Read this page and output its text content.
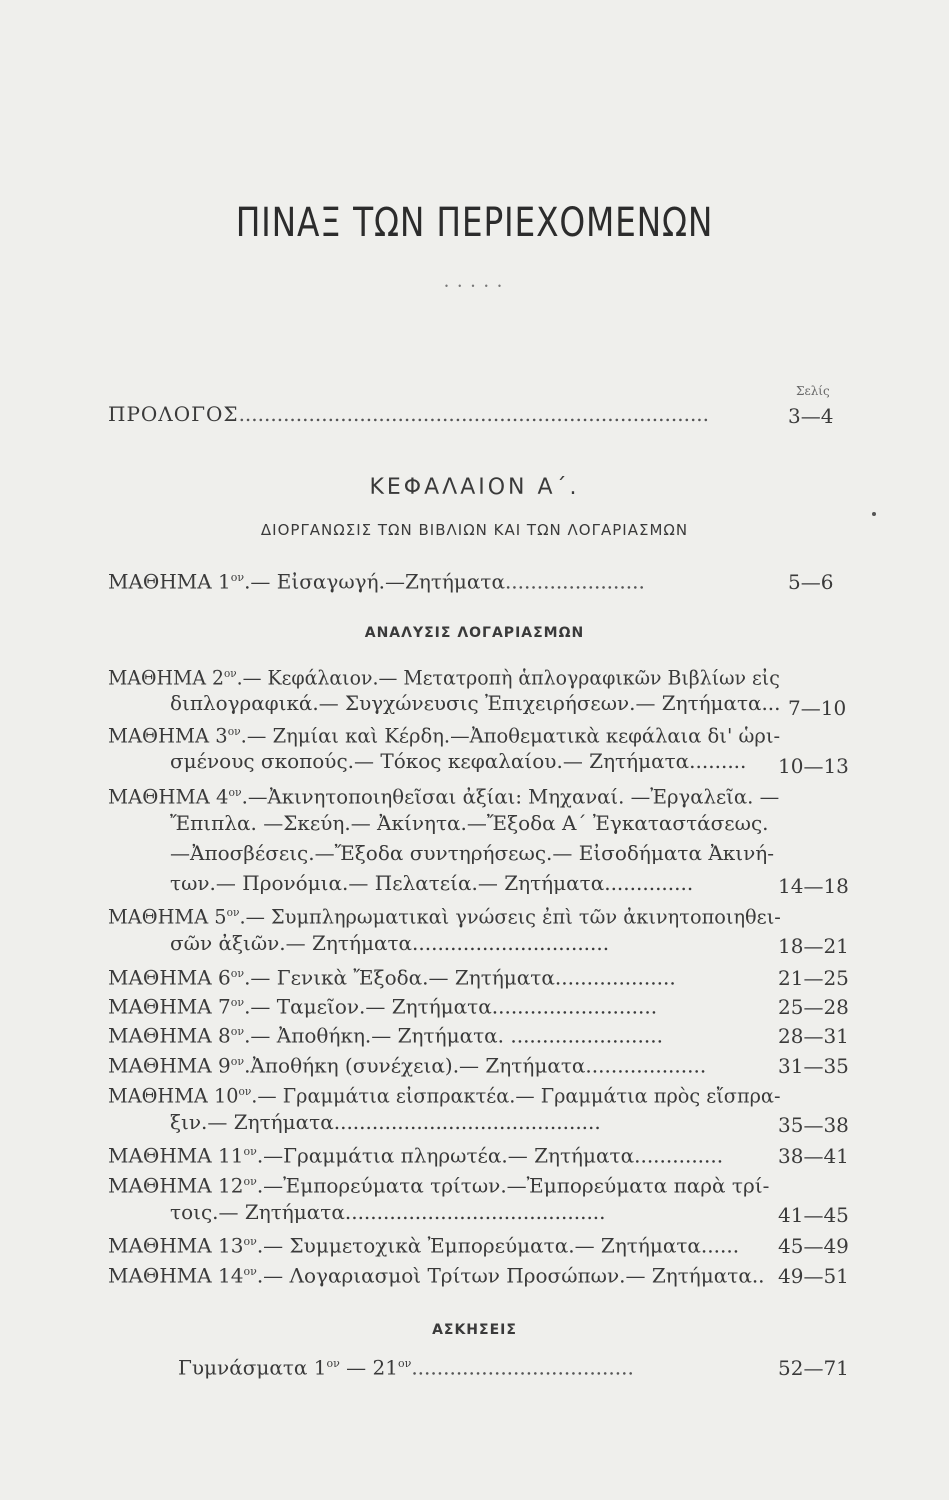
ΠΙΝΑΞ ΤΩΝ ΠΕΡΙΕΧΟΜΕΝΩΝ
• • • • •
Σελίς
ΠΡΟΛΟΓΟΣ..........................................................................	3—4
ΚΕΦΑΛΑΙΟΝ Α΄.
ΔΙΟΡΓΑΝΩΣΙΣ ΤΩΝ ΒΙΒΛΙΩΝ ΚΑΙ ΤΩΝ ΛΟΓΑΡΙΑΣΜΩΝ
ΜΑΘΗΜΑ $1^{o\nu}.—$ Εἰσαγωγή.—Ζητήματα......................	5—6
ΑΝΑΛΥΣΙΣ ΛΟΓΑΡΙΑΣΜΩΝ
ΜΑΘΗΜΑ $2^{o\nu}.—$ Κεφάλαιον.— Μετατροπὴ ἁπλογραφικῶν Βιβλίων εἰς
διπλογραφικά.— Συγχώνευσις Ἐπιχειρήσεων.— Ζητήματα... 7—10
ΜΑΘΗΜΑ $3^{o\nu}.—$ Ζημίαι καὶ Κέρδη.—Ἀποθεματικὰ κεφάλαια δι' ὡρι-
σμένους σκοπούς.— Τόκος κεφαλαίου.— Ζητήματα......... 10—13
ΜΑΘΗΜΑ $4^{o\nu}.—Ἀ\kappa\iota\nu\eta\tau o\pi o\iota\eta\theta\varepsilon ῖ\sigma\alpha\iota$ ἀξίαι: Μηχαναί. —Ἐργαλεῖα. —
Ἔπιπλα. —Σκεύη.— Ἀκίνητα.—Ἔξοδα Α΄ Ἐγκαταστάσεως.
—Ἀποσβέσεις.—Ἔξοδα συντηρήσεως.— Εἰσοδήματα Ἀκινή-
των.— Προνόμια.— Πελατεία.— Ζητήματα..............	14—18
ΜΑΘΗΜΑ $5^{o\nu}.—$ Συμπληρωματικαὶ γνώσεις ἐπὶ τῶν ἀκινητοποιηθει-
σῶν ἀξιῶν.— Ζητήματα...............................	18—21
ΜΑΘΗΜΑ $6^{o\nu}.—$ Γενικὰ Ἔξοδα.— Ζητήματα...................	21—25
ΜΑΘΗΜΑ $7^{o\nu}.—$ Ταμεῖον.— Ζητήματα..........................	25—28
ΜΑΘΗΜΑ $8^{o\nu}.—$ Ἀποθήκη.— Ζητήματα. ........................	28—31
ΜΑΘΗΜΑ $9^{o\nu}.Ἀ\pi o\theta ή\kappa\eta$ (συνέχεια).— Ζητήματα...................	31—35
ΜΑΘΗΜΑ $10^{o\nu}.—$ Γραμμάτια εἰσπρακτέα.— Γραμμάτια πρὸς εἴσπρα-
ξιν.— Ζητήματα..........................................	35—38
ΜΑΘΗΜΑ $11^{o\nu}.—\Gamma\rho\alpha\mu\mu ά\tau\iota\alpha$ πληρωτέα.— Ζητήματα..............	38—41
ΜΑΘΗΜΑ $12^{o\nu}.—Ἐ\mu\pi o\rho\varepsilon ύ\mu\alpha\tau\alpha$ τρίτων.—Ἐμπορεύματα παρὰ τρί-
τοις.— Ζητήματα.........................................	41—45
ΜΑΘΗΜΑ $13^{o\nu}.—$ Συμμετοχικὰ Ἐμπορεύματα.— Ζητήματα...... 45—49
ΜΑΘΗΜΑ $14^{o\nu}.—$ Λογαριασμοὶ Τρίτων Προσώπων.— Ζητήματα.. 49—51
ΑΣΚΗΣΕΙΣ
Γυμνάσματα $1^{o\nu}$ — $21^{o\nu}$...................................	52—71
